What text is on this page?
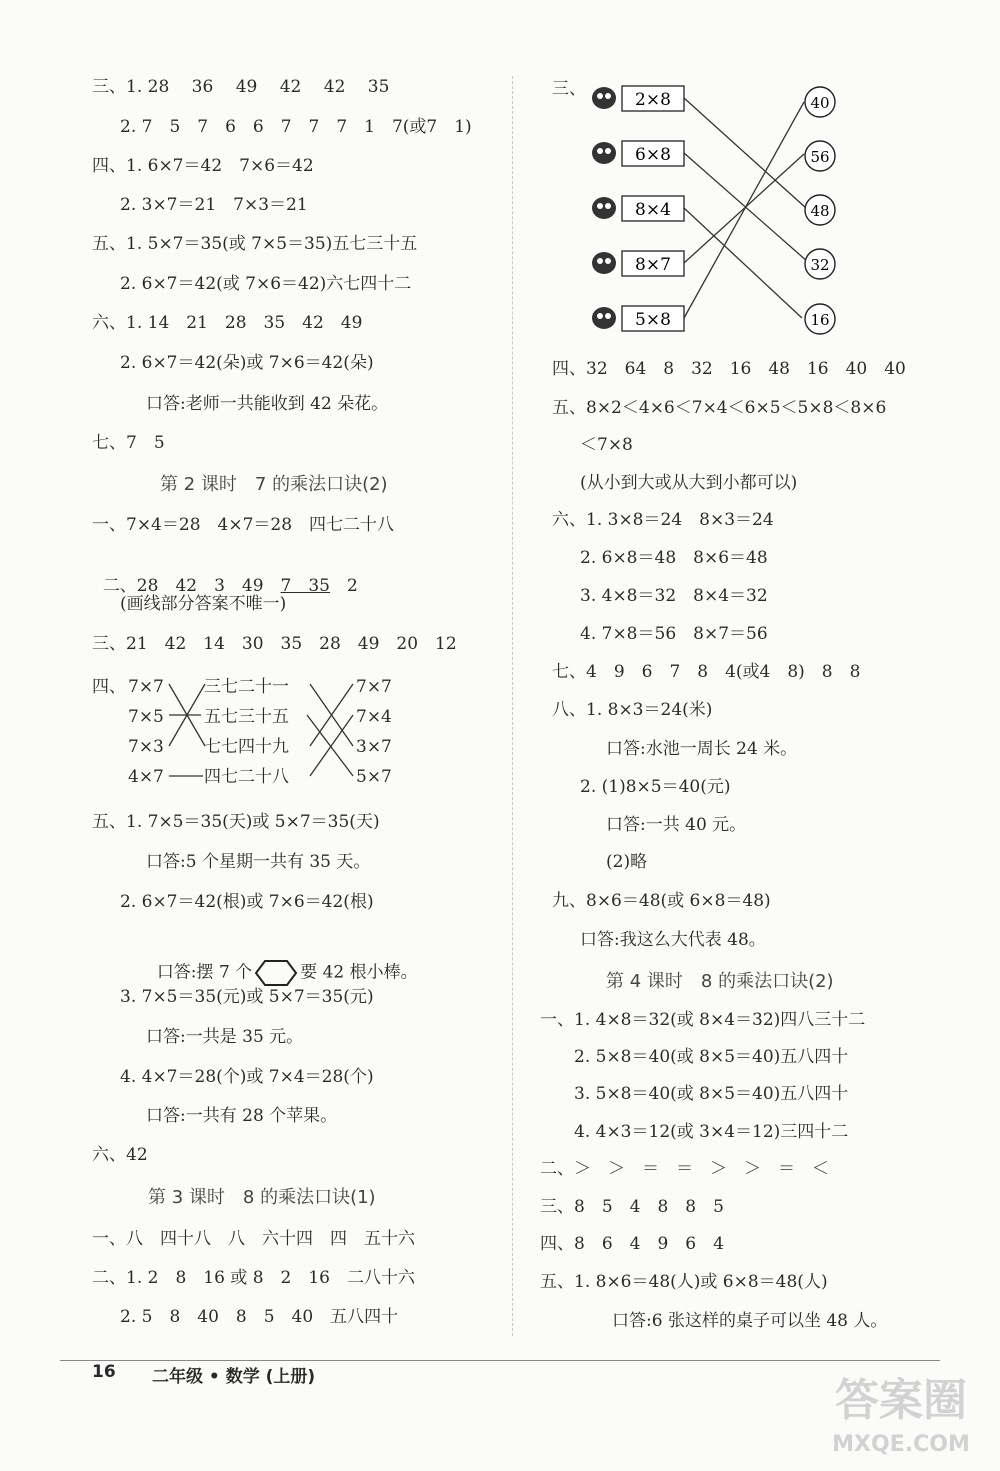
三、1. 28　 36　 49　 42　 42　 35
2. 7　5　7　6　6　7　7　7　1　7(或7　1)
四、1. 6×7＝42　7×6＝42
2. 3×7＝21　7×3＝21
五、1. 5×7＝35(或 7×5＝35)五七三十五
2. 6×7＝42(或 7×6＝42)六七四十二
六、1. 14　21　28　35　42　49
2. 6×7＝42(朵)或 7×6＝42(朵)
口答:老师一共能收到 42 朵花。
七、7　5
第 2 课时　7 的乘法口诀(2)
一、7×4＝28　4×7＝28　四七二十八

二、28　42　3　49　7　35　2

(画线部分答案不唯一)
三、21　42　14　30　35　28　49　20　12
四、 7×7
7×5
7×3
4×7
三七二十一
五七三十五
七七四十九
四七二十八
7×7
7×4
3×7
5×7
五、1. 7×5＝35(天)或 5×7＝35(天)
口答:5 个星期一共有 35 天。
2. 6×7＝42(根)或 7×6＝42(根)

口答:摆 7 个	要 42 根小棒。

3. 7×5＝35(元)或 5×7＝35(元)
口答:一共是 35 元。
4. 4×7＝28(个)或 7×4＝28(个)
口答:一共有 28 个苹果。
六、42
第 3 课时　8 的乘法口诀(1)
一、八　四十八　八　六十四　四　五十六
二、1. 2　8　16 或 8　2　16　二八十六
2. 5　8　40　8　5　40　五八四十
三、
2×8
6×8
8×4
8×7
5×8
40
56
48
32
16
四、32　64　8　32　16　48　16　40　40
五、8×2＜4×6＜7×4＜6×5＜5×8＜8×6
＜7×8
(从小到大或从大到小都可以)
六、1. 3×8＝24　8×3＝24
2. 6×8＝48　8×6＝48
3. 4×8＝32　8×4＝32
4. 7×8＝56　8×7＝56
七、4　9　6　7　8　4(或4　8)　8　8
八、1. 8×3＝24(米)
口答:水池一周长 24 米。
2. (1)8×5＝40(元)
口答:一共 40 元。
(2)略
九、8×6＝48(或 6×8＝48)
口答:我这么大代表 48。
第 4 课时　8 的乘法口诀(2)
一、1. 4×8＝32(或 8×4＝32)四八三十二
2. 5×8＝40(或 8×5＝40)五八四十
3. 5×8＝40(或 8×5＝40)五八四十
4. 4×3＝12(或 3×4＝12)三四十二
二、＞　＞　＝　＝　＞　＞　＝　＜
三、8　5　4　8　8　5
四、8　6　4　9　6　4
五、1. 8×6＝48(人)或 6×8＝48(人)
口答:6 张这样的桌子可以坐 48 人。
16 二年级 • 数学 (上册)	答案圈
MXQE.COM
